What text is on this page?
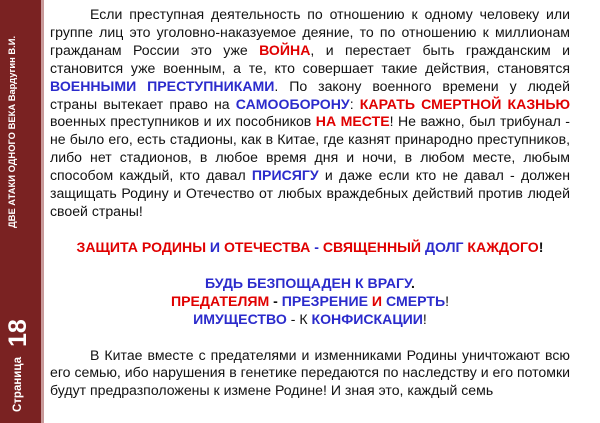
ДВЕ АТАКИ ОДНОГО ВЕКА Вардугин В.И.
Страница 18

Если преступная деятельность по отношению к одному человеку или группе лиц это уголовно-наказуемое деяние, то по отношению к миллионам гражданам России это уже ВОЙНА, и перестает быть гражданским и становится уже военным, а те, кто совершает такие действия, становятся ВОЕННЫМИ ПРЕСТУПНИКАМИ. По закону военного времени у людей страны вытекает право на САМООБОРОНУ: КАРАТЬ СМЕРТНОЙ КАЗНЬЮ военных преступников и их пособников НА МЕСТЕ! Не важно, был трибунал - не было его, есть стадионы, как в Китае, где казнят принародно преступников, либо нет стадионов, в любое время дня и ночи, в любом месте, любым способом каждый, кто давал ПРИСЯГУ и даже если кто не давал - должен защищать Родину и Отечество от любых враждебных действий против людей своей страны!

ЗАЩИТА РОДИНЫ И ОТЕЧЕСТВА - СВЯЩЕННЫЙ ДОЛГ КАЖДОГО!

БУДЬ БЕЗПОЩАДЕН К ВРАГУ.

ПРЕДАТЕЛЯМ - ПРЕЗРЕНИЕ И СМЕРТЬ!

ИМУЩЕСТВО - К КОНФИСКАЦИИ!

В Китае вместе с предателями и изменниками Родины уничтожают всю его семью, ибо нарушения в генетике передаются по наследству и его потомки будут предразположены к измене Родине! И зная это, каждый семь
